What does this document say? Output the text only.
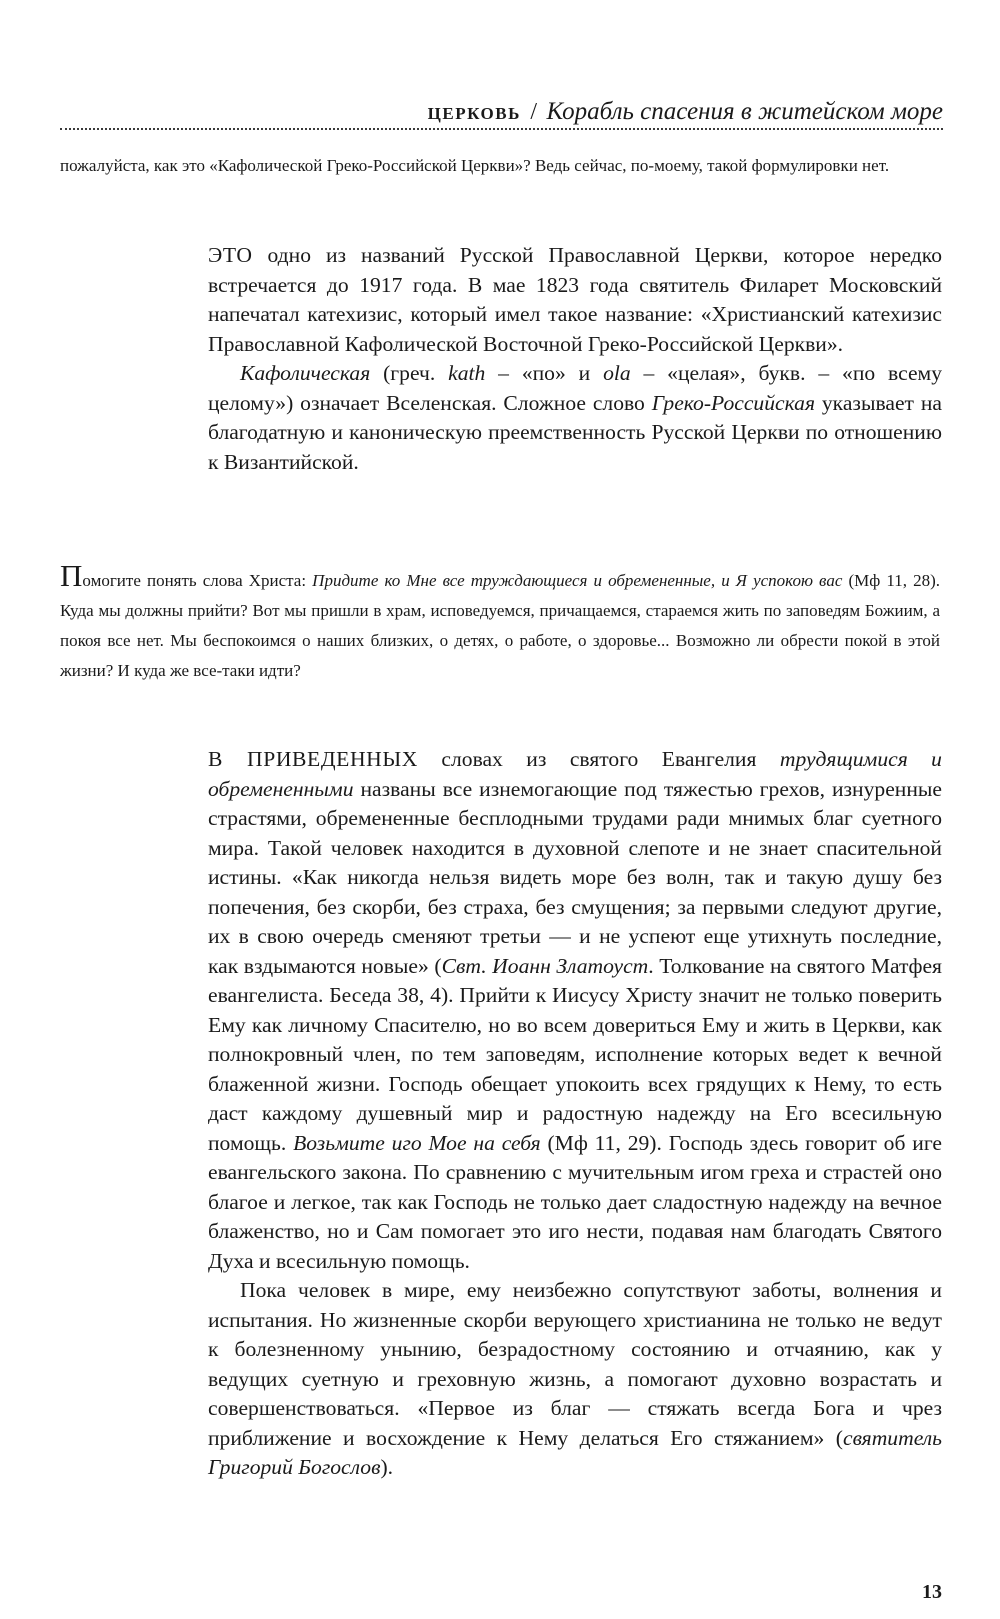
ЦЕРКОВЬ / Корабль спасения в житейском море
пожалуйста, как это «Кафолической Греко-Российской Церкви»? Ведь сейчас, по-моему, такой формулировки нет.

ЭТО одно из названий Русской Православной Церкви, которое нередко встречается до 1917 года. В мае 1823 года святитель Филарет Московский напечатал катехизис, который имел такое название: «Христианский катехизис Православной Кафолической Восточной Греко-Российской Церкви».

Кафолическая (греч. kath – «по» и ola – «целая», букв. – «по всему целому») означает Вселенская. Сложное слово Греко-Российская указывает на благодатную и каноническую преемственность Русской Церкви по отношению к Византийской.

Помогите понять слова Христа: Придите ко Мне все труждающиеся и обремененные, и Я успокою вас (Мф 11, 28). Куда мы должны прийти? Вот мы пришли в храм, исповедуемся, причащаемся, стараемся жить по заповедям Божиим, а покоя все нет. Мы беспокоимся о наших близких, о детях, о работе, о здоровье... Возможно ли обрести покой в этой жизни? И куда же все-таки идти?

В ПРИВЕДЕННЫХ словах из святого Евангелия трудящимися и обремененными названы все изнемогающие под тяжестью грехов, изнуренные страстями, обремененные бесплодными трудами ради мнимых благ суетного мира. Такой человек находится в духовной слепоте и не знает спасительной истины. «Как никогда нельзя видеть море без волн, так и такую душу без попечения, без скорби, без страха, без смущения; за первыми следуют другие, их в свою очередь сменяют третьи — и не успеют еще утихнуть последние, как вздымаются новые» (Свт. Иоанн Златоуст. Толкование на святого Матфея евангелиста. Беседа 38, 4). Прийти к Иисусу Христу значит не только поверить Ему как личному Спасителю, но во всем довериться Ему и жить в Церкви, как полнокровный член, по тем заповедям, исполнение которых ведет к вечной блаженной жизни. Господь обещает упокоить всех грядущих к Нему, то есть даст каждому душевный мир и радостную надежду на Его всесильную помощь. Возьмите иго Мое на себя (Мф 11, 29). Господь здесь говорит об иге евангельского закона. По сравнению с мучительным игом греха и страстей оно благое и легкое, так как Господь не только дает сладостную надежду на вечное блаженство, но и Сам помогает это иго нести, подавая нам благодать Святого Духа и всесильную помощь.

Пока человек в мире, ему неизбежно сопутствуют заботы, волнения и испытания. Но жизненные скорби верующего христианина не только не ведут к болезненному унынию, безрадостному состоянию и отчаянию, как у ведущих суетную и греховную жизнь, а помогают духовно возрастать и совершенствоваться. «Первое из благ — стяжать всегда Бога и чрез приближение и восхождение к Нему делаться Его стяжанием» (святитель Григорий Богослов).

13
